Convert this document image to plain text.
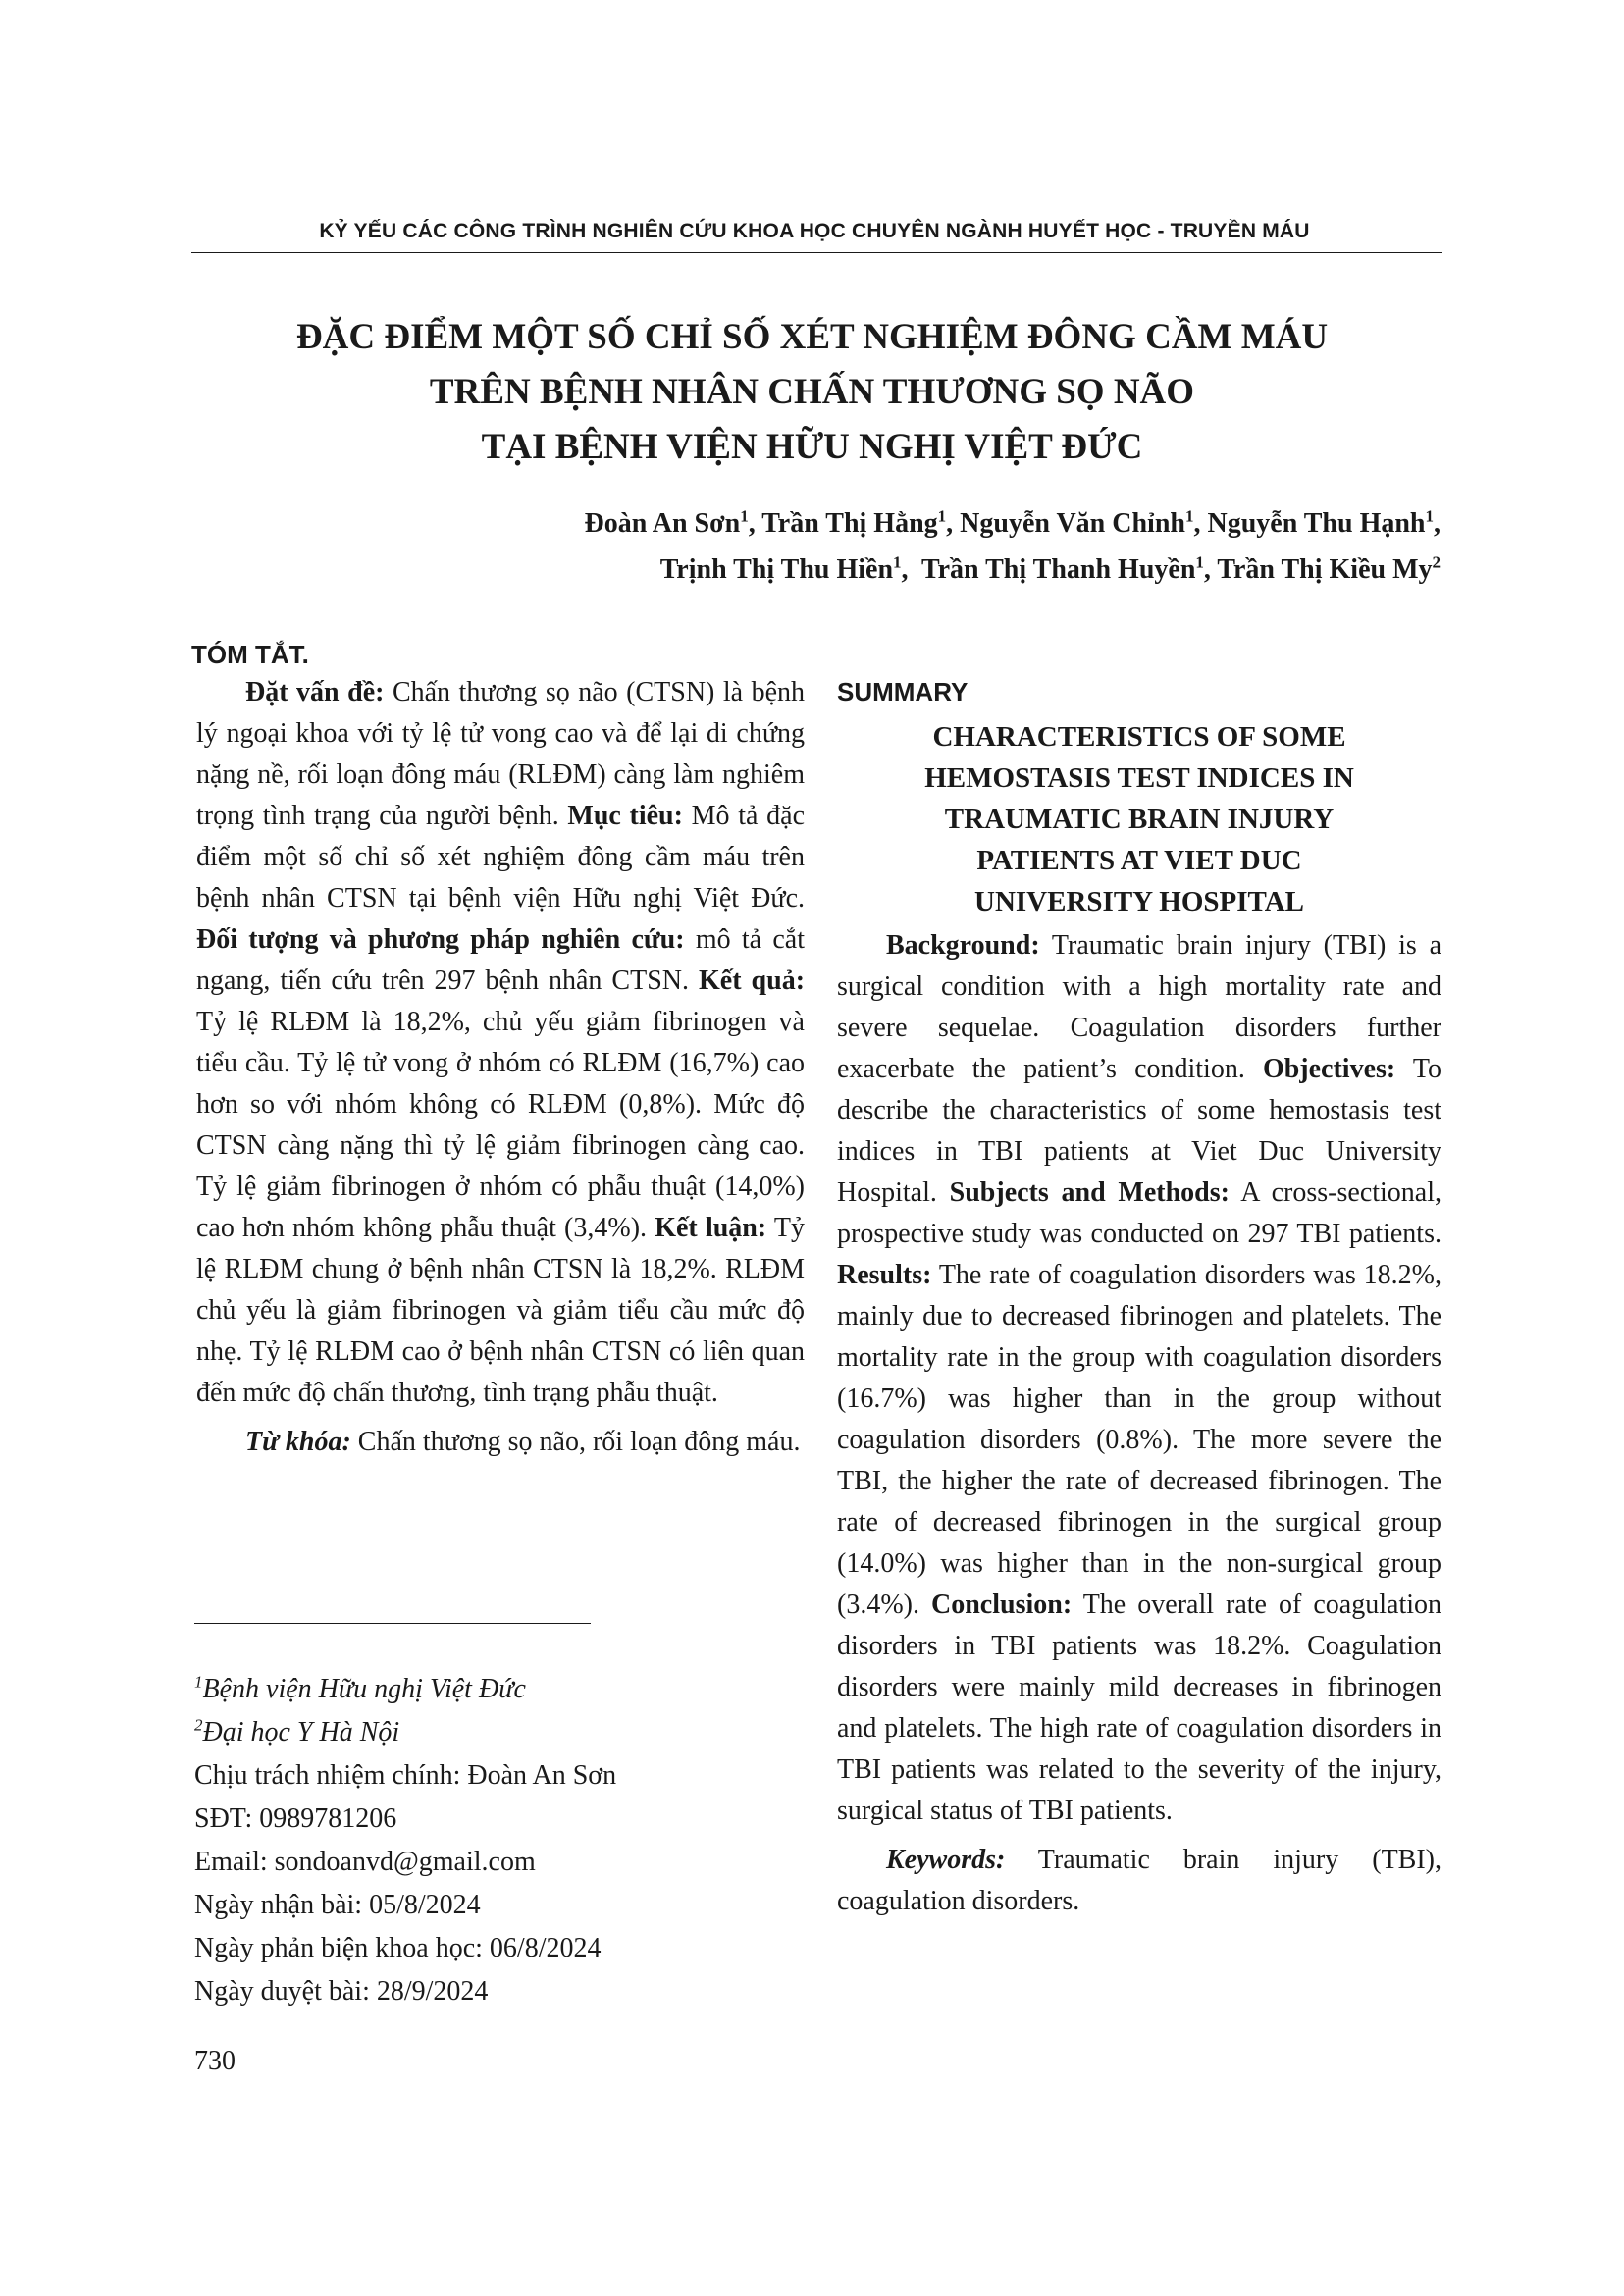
KỶ YẾU CÁC CÔNG TRÌNH NGHIÊN CỨU KHOA HỌC CHUYÊN NGÀNH HUYẾT HỌC - TRUYỀN MÁU
ĐẶC ĐIỂM MỘT SỐ CHỈ SỐ XÉT NGHIỆM ĐÔNG CẦM MÁU
TRÊN BỆNH NHÂN CHẤN THƯƠNG SỌ NÃO
TẠI BỆNH VIỆN HỮU NGHỊ VIỆT ĐỨC
Đoàn An Sơn$^1$, Trần Thị Hằng$^1$, Nguyễn Văn Chỉnh$^1$, Nguyễn Thu Hạnh$^1$,
Trịnh Thị Thu Hiền$^1$,  Trần Thị Thanh Huyền$^1$, Trần Thị Kiều My$^2$
TÓM TẮT.

Đặt vấn đề: Chấn thương sọ não (CTSN) là bệnh lý ngoại khoa với tỷ lệ tử vong cao và để lại di chứng nặng nề, rối loạn đông máu (RLĐM) càng làm nghiêm trọng tình trạng của người bệnh. Mục tiêu: Mô tả đặc điểm một số chỉ số xét nghiệm đông cầm máu trên bệnh nhân CTSN tại bệnh viện Hữu nghị Việt Đức. Đối tượng và phương pháp nghiên cứu: mô tả cắt ngang, tiến cứu trên 297 bệnh nhân CTSN. Kết quả: Tỷ lệ RLĐM là 18,2%, chủ yếu giảm fibrinogen và tiểu cầu. Tỷ lệ tử vong ở nhóm có RLĐM (16,7%) cao hơn so với nhóm không có RLĐM (0,8%). Mức độ CTSN càng nặng thì tỷ lệ giảm fibrinogen càng cao. Tỷ lệ giảm fibrinogen ở nhóm có phẫu thuật (14,0%) cao hơn nhóm không phẫu thuật (3,4%). Kết luận: Tỷ lệ RLĐM chung ở bệnh nhân CTSN là 18,2%. RLĐM chủ yếu là giảm fibrinogen và giảm tiểu cầu mức độ nhẹ. Tỷ lệ RLĐM cao ở bệnh nhân CTSN có liên quan đến mức độ chấn thương, tình trạng phẫu thuật.

Từ khóa: Chấn thương sọ não, rối loạn đông máu.

$^1$Bệnh viện Hữu nghị Việt Đức
$^2$Đại học Y Hà Nội
Chịu trách nhiệm chính: Đoàn An Sơn
SĐT: 0989781206
Email: sondoanvd@gmail.com
Ngày nhận bài: 05/8/2024
Ngày phản biện khoa học: 06/8/2024
Ngày duyệt bài: 28/9/2024
SUMMARY
CHARACTERISTICS OF SOME
HEMOSTASIS TEST INDICES IN
TRAUMATIC BRAIN INJURY
PATIENTS AT VIET DUC
UNIVERSITY HOSPITAL

Background: Traumatic brain injury (TBI) is a surgical condition with a high mortality rate and severe sequelae. Coagulation disorders further exacerbate the patient’s condition. Objectives: To describe the characteristics of some hemostasis test indices in TBI patients at Viet Duc University Hospital. Subjects and Methods: A cross-sectional, prospective study was conducted on 297 TBI patients. Results: The rate of coagulation disorders was 18.2%, mainly due to decreased fibrinogen and platelets. The mortality rate in the group with coagulation disorders (16.7%) was higher than in the group without coagulation disorders (0.8%). The more severe the TBI, the higher the rate of decreased fibrinogen. The rate of decreased fibrinogen in the surgical group (14.0%) was higher than in the non-surgical group (3.4%). Conclusion: The overall rate of coagulation disorders in TBI patients was 18.2%. Coagulation disorders were mainly mild decreases in fibrinogen and platelets. The high rate of coagulation disorders in TBI patients was related to the severity of the injury, surgical status of TBI patients.

Keywords: Traumatic brain injury (TBI), coagulation disorders.

730
